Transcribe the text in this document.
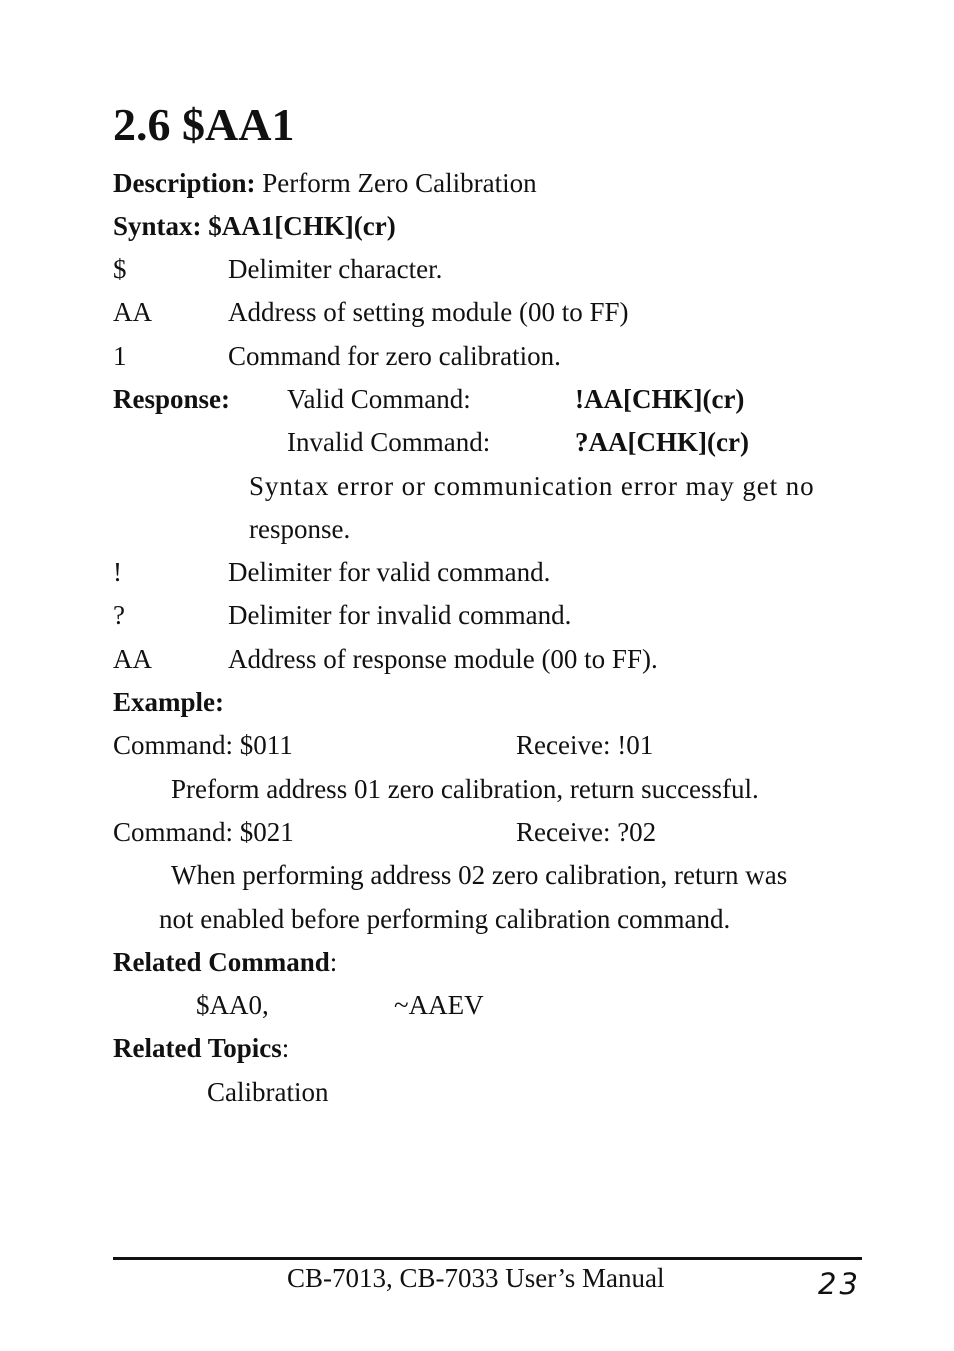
2.6 $AA1
Description: Perform Zero Calibration
Syntax: $AA1[CHK](cr)
$	Delimiter character.
AA	Address of setting module (00 to FF)
1	Command for zero calibration.
Response: Valid Command:	!AA[CHK](cr)
Invalid Command:	?AA[CHK](cr)
Syntax error or communication error may get no
response.
!	Delimiter for valid command.
?	Delimiter for invalid command.
AA	Address of response module (00 to FF).
Example:
Command: $011	Receive: !01
Preform address 01 zero calibration, return successful.
Command: $021	Receive: ?02
When performing address 02 zero calibration, return was
not enabled before performing calibration command.
Related Command:
$AA0,	~AAEV
Related Topics:
Calibration
CB-7013, CB-7033 User’s Manual	23
